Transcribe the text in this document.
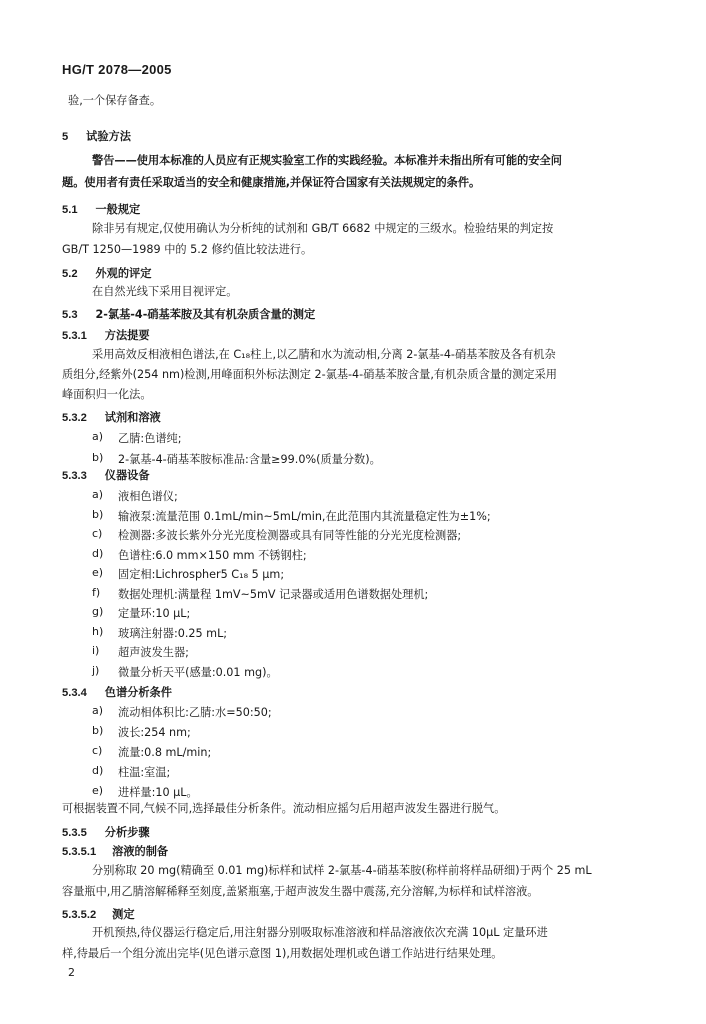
HG/T 2078—2005
验,一个保存备查。
5 试验方法
警告——使用本标准的人员应有正规实验室工作的实践经验。本标准并未指出所有可能的安全问
题。使用者有责任采取适当的安全和健康措施,并保证符合国家有关法规规定的条件。
5.1 一般规定
除非另有规定,仅使用确认为分析纯的试剂和 GB/T 6682 中规定的三级水。检验结果的判定按
GB/T 1250—1989 中的 5.2 修约值比较法进行。
5.2 外观的评定
在自然光线下采用目视评定。
5.3 2-氯基-4-硝基苯胺及其有机杂质含量的测定
5.3.1 方法提要
采用高效反相液相色谱法,在 C₁₈柱上,以乙腈和水为流动相,分离 2-氯基-4-硝基苯胺及各有机杂
质组分,经紫外(254 nm)检测,用峰面积外标法测定 2-氯基-4-硝基苯胺含量,有机杂质含量的测定采用
峰面积归一化法。
5.3.2 试剂和溶液
a) 乙腈:色谱纯;
b) 2-氯基-4-硝基苯胺标准品:含量≥99.0%(质量分数)。
5.3.3 仪器设备
a) 液相色谱仪;
b) 输液泵:流量范围 0.1mL/min~5mL/min,在此范围内其流量稳定性为±1%;
c) 检测器:多波长紫外分光光度检测器或具有同等性能的分光光度检测器;
d) 色谱柱:6.0 mm×150 mm 不锈钢柱;
e) 固定相:Lichrospher5 C₁₈ 5 μm;
f) 数据处理机:满量程 1mV~5mV 记录器或适用色谱数据处理机;
g) 定量环:10 μL;
h) 玻璃注射器:0.25 mL;
i) 超声波发生器;
j) 微量分析天平(感量:0.01 mg)。
5.3.4 色谱分析条件
a) 流动相体积比:乙腈:水=50:50;
b) 波长:254 nm;
c) 流量:0.8 mL/min;
d) 柱温:室温;
e) 进样量:10 μL。
可根据装置不同,气候不同,选择最佳分析条件。流动相应摇匀后用超声波发生器进行脱气。
5.3.5 分析步骤
5.3.5.1 溶液的制备
分别称取 20 mg(精确至 0.01 mg)标样和试样 2-氯基-4-硝基苯胺(称样前将样品研细)于两个 25 mL
容量瓶中,用乙腈溶解稀释至刻度,盖紧瓶塞,于超声波发生器中震荡,充分溶解,为标样和试样溶液。
5.3.5.2 测定
开机预热,待仪器运行稳定后,用注射器分别吸取标准溶液和样品溶液依次充满 10μL 定量环进
样,待最后一个组分流出完毕(见色谱示意图 1),用数据处理机或色谱工作站进行结果处理。
2
